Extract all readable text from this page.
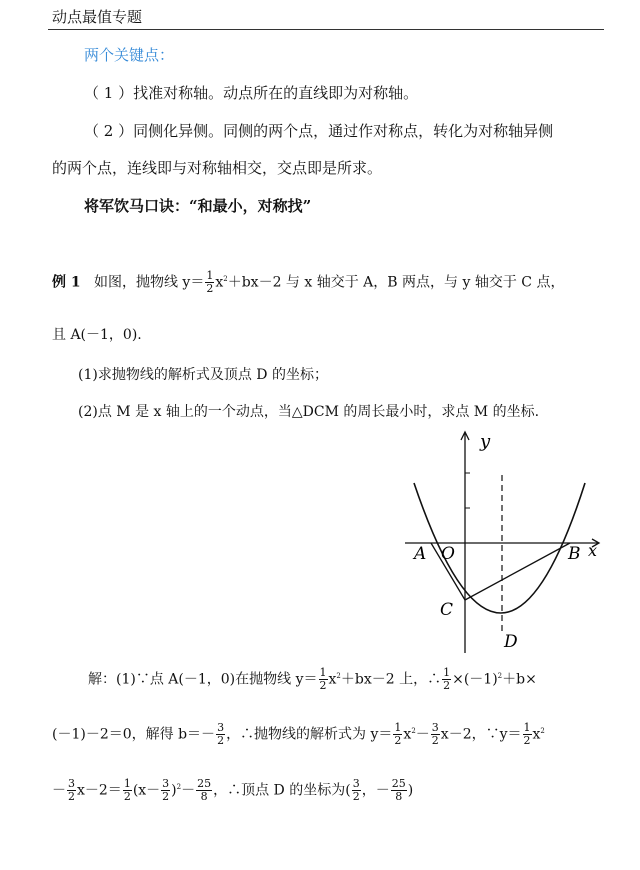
动点最值专题
两个关键点：
（ 1 ）找准对称轴。动点所在的直线即为对称轴。
（ 2 ）同侧化异侧。同侧的两个点，通过作对称点，转化为对称轴异侧
的两个点，连线即与对称轴相交，交点即是所求。
将军饮马口诀：“和最小，对称找”
例 1 如图，抛物线 $y= \frac{1}{2} x^2+bx-2$ 与 x 轴交于 A，B 两点，与 y 轴交于 C 点，
且 A(－1，0).
(1)求抛物线的解析式及顶点 D 的坐标；
(2)点 M 是 x 轴上的一个动点，当△DCM 的周长最小时，求点 M 的坐标.
x
y
A O	B
C
D
解：(1)∵点 A(－1，0)在抛物线 $y= \frac{1}{2} x^2+bx-2$ 上，∴ $\frac{1}{2} \times(-1)^2+b\times$
(－1)－2＝0，解得 $b=- \frac{3}{2}$ ，∴抛物线的解析式为 $y= \frac{1}{2} x^2- \frac{3}{2} x-2$，∵y＝ $\frac{1}{2} x^2$
－ $\frac{3}{2} x-2= \frac{1}{2} (x- \frac{3}{2} )^2- \frac{25}{8}$ ，∴顶点 D 的坐标为( $\frac{3}{2}$ ，－ $\frac{25}{8}$ )
